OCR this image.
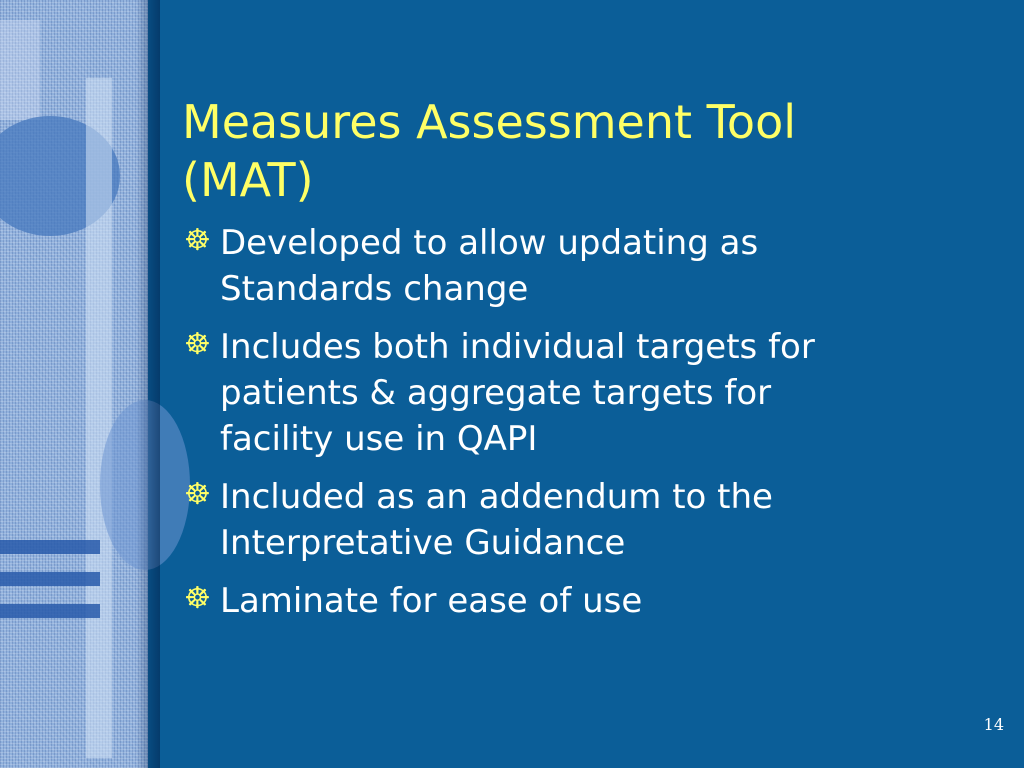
Measures Assessment Tool
(MAT)
☸ Developed to allow updating as
Standards change
☸ Includes both individual targets for
patients & aggregate targets for
facility use in QAPI
☸ Included as an addendum to the
Interpretative Guidance
☸ Laminate for ease of use
14
